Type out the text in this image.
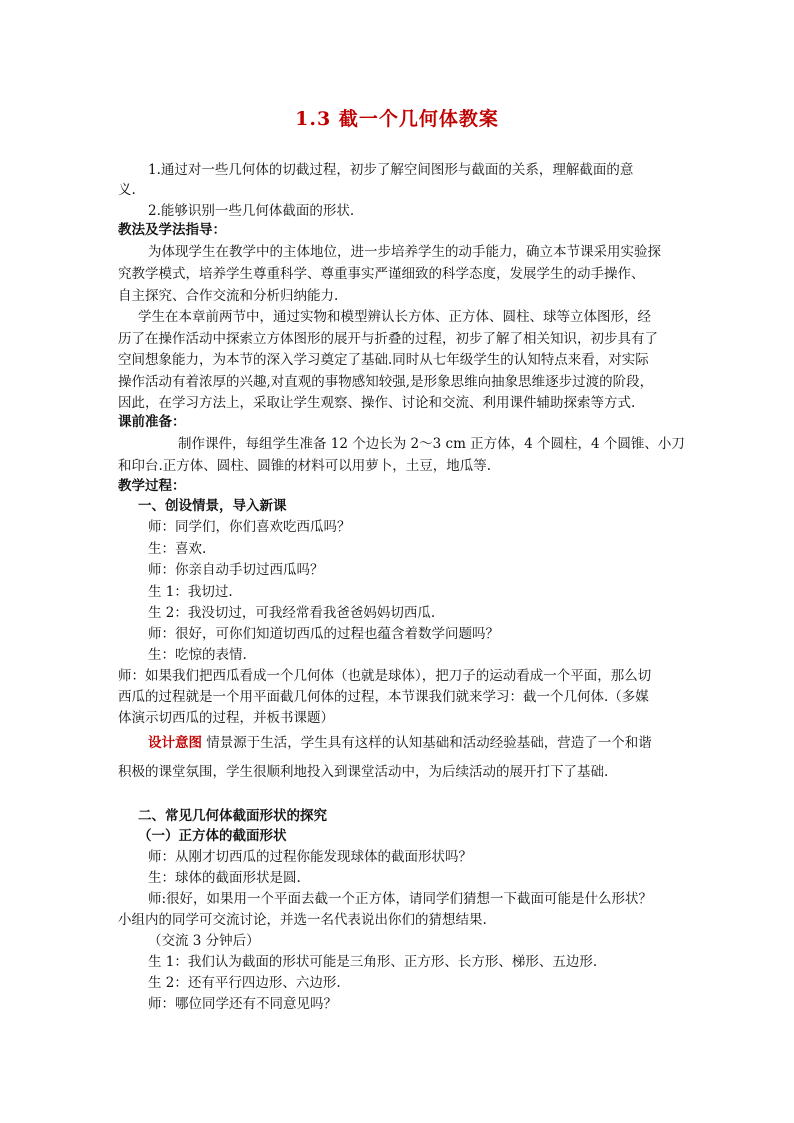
1.3 截一个几何体教案
1.通过对一些几何体的切截过程，初步了解空间图形与截面的关系，理解截面的意
义.
2.能够识别一些几何体截面的形状.
教法及学法指导：
为体现学生在教学中的主体地位，进一步培养学生的动手能力，确立本节课采用实验探
究教学模式，培养学生尊重科学、尊重事实严谨细致的科学态度，发展学生的动手操作、
自主探究、合作交流和分析归纳能力.
学生在本章前两节中，通过实物和模型辨认长方体、正方体、圆柱、球等立体图形，经
历了在操作活动中探索立方体图形的展开与折叠的过程，初步了解了相关知识，初步具有了
空间想象能力，为本节的深入学习奠定了基础.同时从七年级学生的认知特点来看，对实际
操作活动有着浓厚的兴趣,对直观的事物感知较强,是形象思维向抽象思维逐步过渡的阶段，
因此，在学习方法上，采取让学生观察、操作、讨论和交流、利用课件辅助探索等方式.
课前准备：
制作课件，每组学生准备 12 个边长为 2～3 cm 正方体，4 个圆柱，4 个圆锥、小刀
和印台.正方体、圆柱、圆锥的材料可以用萝卜，土豆，地瓜等.
教学过程：
一、创设情景，导入新课
师：同学们，你们喜欢吃西瓜吗？
生：喜欢.
师：你亲自动手切过西瓜吗？
生 1：我切过.
生 2：我没切过，可我经常看我爸爸妈妈切西瓜.
师：很好，可你们知道切西瓜的过程也蕴含着数学问题吗？
生：吃惊的表情.
师：如果我们把西瓜看成一个几何体（也就是球体），把刀子的运动看成一个平面，那么切
西瓜的过程就是一个用平面截几何体的过程，本节课我们就来学习：截一个几何体.（多媒
体演示切西瓜的过程，并板书课题）
设计意图 情景源于生活，学生具有这样的认知基础和活动经验基础，营造了一个和谐
积极的课堂氛围，学生很顺利地投入到课堂活动中，为后续活动的展开打下了基础.
二、常见几何体截面形状的探究
（一）正方体的截面形状
师：从刚才切西瓜的过程你能发现球体的截面形状吗？
生：球体的截面形状是圆.
师:很好，如果用一个平面去截一个正方体，请同学们猜想一下截面可能是什么形状？
小组内的同学可交流讨论，并选一名代表说出你们的猜想结果.
（交流 3 分钟后）
生 1：我们认为截面的形状可能是三角形、正方形、长方形、梯形、五边形.
生 2：还有平行四边形、六边形.
师：哪位同学还有不同意见吗？
